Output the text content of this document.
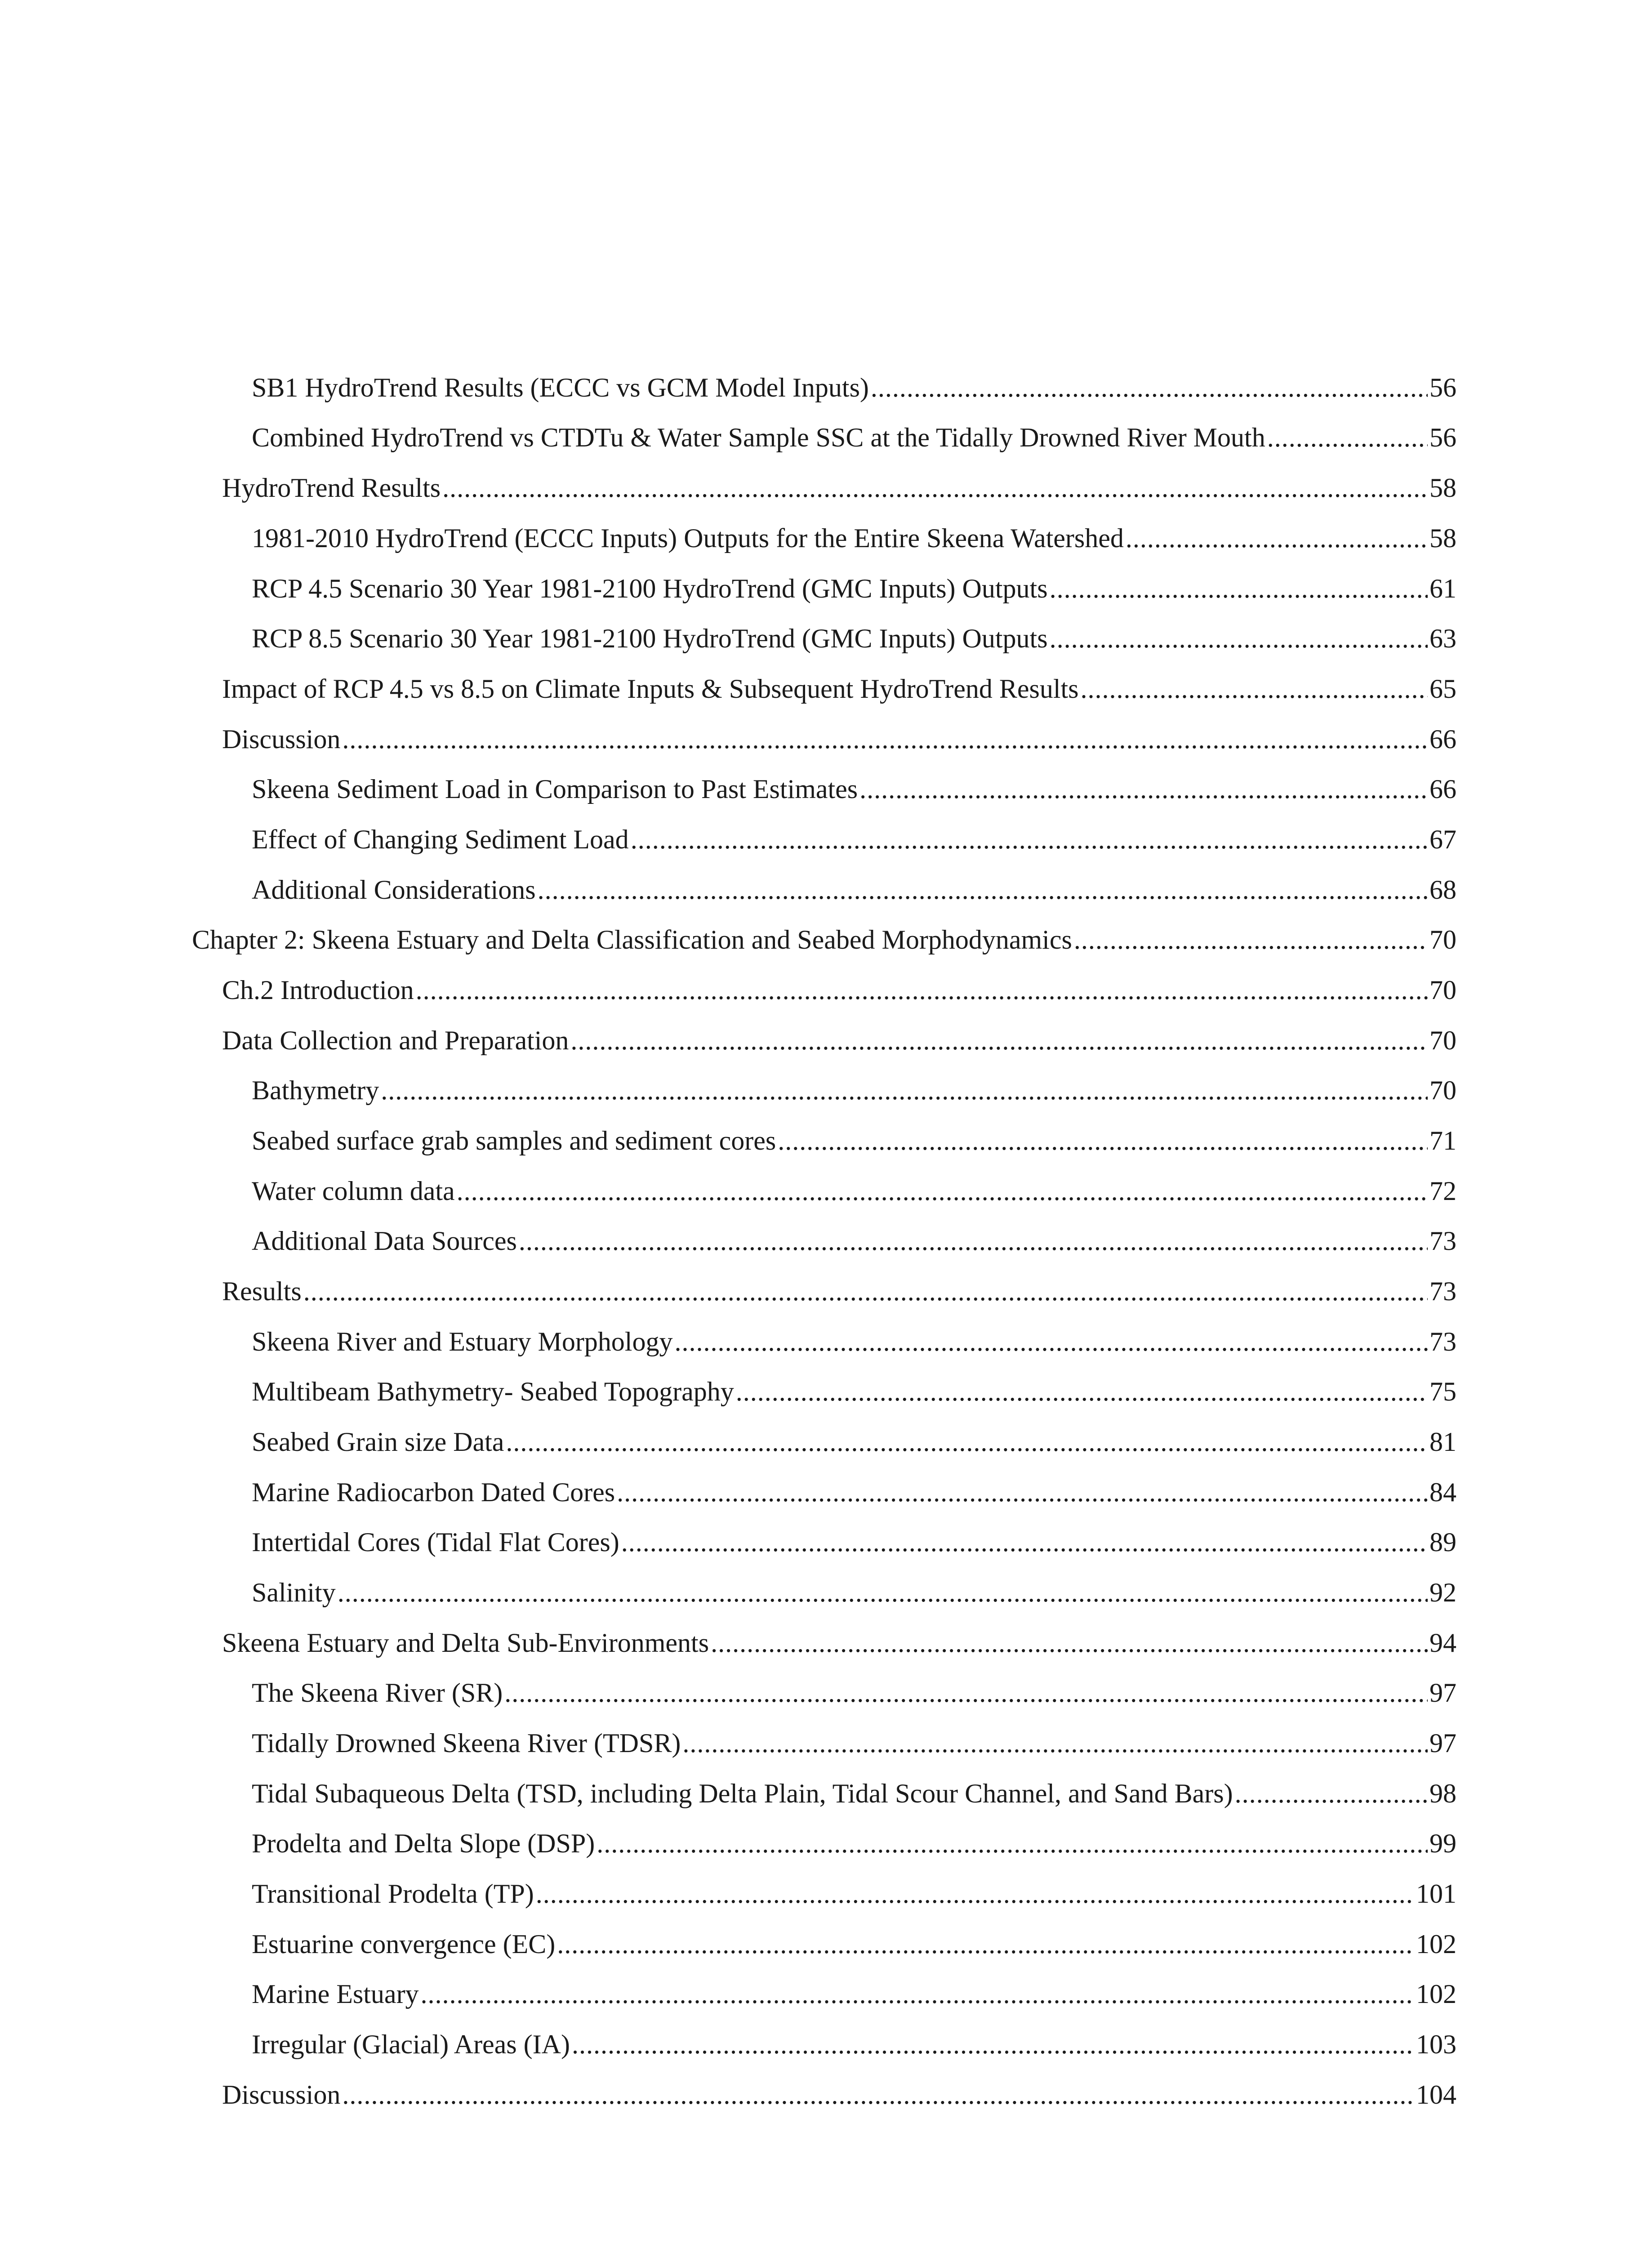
SB1 HydroTrend Results (ECCC vs GCM Model Inputs) .....	56
Combined HydroTrend vs CTDTu & Water Sample SSC at the Tidally Drowned River Mouth .....	56
HydroTrend Results .....	58
1981-2010 HydroTrend (ECCC Inputs) Outputs for the Entire Skeena Watershed .....	58
RCP 4.5 Scenario 30 Year 1981-2100 HydroTrend (GMC Inputs) Outputs .....	61
RCP 8.5 Scenario 30 Year 1981-2100 HydroTrend (GMC Inputs) Outputs .....	63
Impact of RCP 4.5 vs 8.5 on Climate Inputs & Subsequent HydroTrend Results .....	65
Discussion .....	66
Skeena Sediment Load in Comparison to Past Estimates .....	66
Effect of Changing Sediment Load .....	67
Additional Considerations .....	68
Chapter 2: Skeena Estuary and Delta Classification and Seabed Morphodynamics .....	70
Ch.2 Introduction .....	70
Data Collection and Preparation .....	70
Bathymetry .....	70
Seabed surface grab samples and sediment cores .....	71
Water column data .....	72
Additional Data Sources .....	73
Results .....	73
Skeena River and Estuary Morphology .....	73
Multibeam Bathymetry- Seabed Topography .....	75
Seabed Grain size Data .....	81
Marine Radiocarbon Dated Cores .....	84
Intertidal Cores (Tidal Flat Cores) .....	89
Salinity .....	92
Skeena Estuary and Delta Sub-Environments .....	94
The Skeena River (SR) .....	97
Tidally Drowned Skeena River (TDSR) .....	97
Tidal Subaqueous Delta (TSD, including Delta Plain, Tidal Scour Channel, and Sand Bars) .....	98
Prodelta and Delta Slope (DSP) .....	99
Transitional Prodelta (TP) .....	101
Estuarine convergence (EC) .....	102
Marine Estuary .....	102
Irregular (Glacial) Areas (IA) .....	103
Discussion .....	104
